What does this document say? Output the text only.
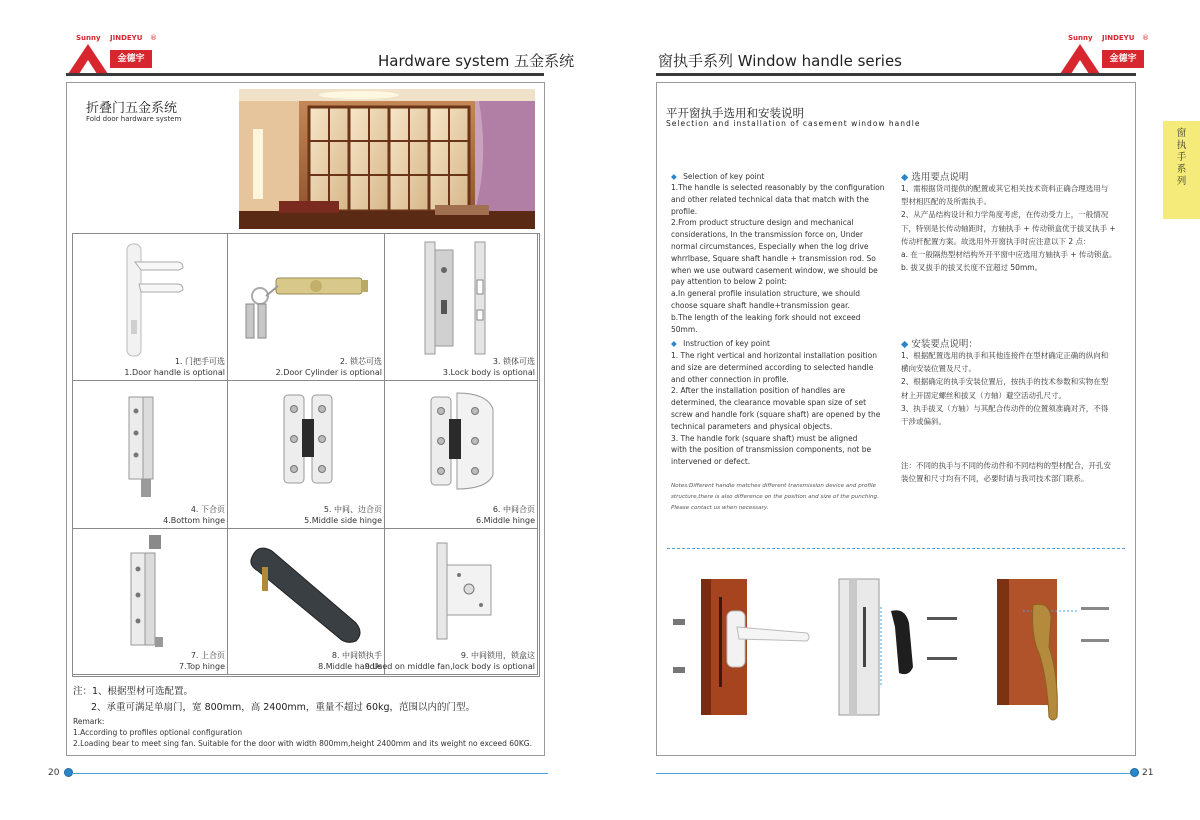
Sunny JINDEYU
金德宇
®
Hardware system 五金系统
折叠门五金系统
Fold door hardware system
1. 门把手可选
1.Door handle is optional
2. 锁芯可选
2.Door Cylinder is optional
3. 锁体可选
3.Lock body is optional
4. 下合页
4.Bottom hinge
5. 中间、边合页
5.Middle side hinge
6. 中间合页
6.Middle hinge
7. 上合页
7.Top hinge
8. 中间锁执手
8.Middle handle
9. 中间锁用，锁盒这
9.Used on middle fan,lock body is optional
注：1、根据型材可选配置。
2、承重可满足单扇门，宽 800mm，高 2400mm，重量不超过 60kg，范围以内的门型。
Remark:
1.According to profiles optional configuration
2.Loading bear to meet sing fan. Suitable for the door with width 800mm,height 2400mm and its weight no exceed 60KG.
20
窗执手系列 Window handle series
Sunny JINDEYU
金德宇
®
窗
执
手
系
列
平开窗执手选用和安装说明
Selection and installation of casement window handle
◆ Selection of key point
1.The handle is selected reasonably by the configuration
and other related technical data that match with the
profile.
2.From product structure design and mechanical
considerations, In the transmission force on, Under
normal circumstances, Especially when the log drive
whrrlbase, Square shaft handle + transmission rod. So
when we use outward casement window, we should be
pay attention to below 2 point:
a.In general profile insulation structure, we should
choose square shaft handle+transmission gear.
b.The length of the leaking fork should not exceed
50mm.
◆ Instruction of key point
1. The right vertical and horizontal installation position
and size are determined according to selected handle
and other connection in profile.
2. After the installation position of handles are
determined, the clearance movable span size of set
screw and handle fork (square shaft) are opened by the
technical parameters and physical objects.
3. The handle fork (square shaft) must be aligned
with the position of transmission components, not be
intervened or defect.
Notes:Different handle matches different transmission device and profile
structure,there is also difference on the position and size of the punching.
Please contact us when necessary.
◆ 选用要点说明
1、需根据货司提供的配置或其它相关技术资料正确合理选用与
型材相匹配的及所需执手。
2、从产品结构设计和力学角度考虑，在传动受力上，一般情况
下，特别是长传动轴距时，方轴执手 + 传动锁盒优于拔叉执手 +
传动杆配置方案。故选用外开窗执手时应注意以下 2 点：
a. 在一般隔热型材结构外开平窗中应选用方轴执手 + 传动锁盒。
b. 拔叉拔手的拔叉长度不宜超过 50mm。
◆ 安装要点说明：
1、根据配置选用的执手和其他连接件在型材确定正确的纵向和
横向安装位置及尺寸。
2、根据确定的执手安装位置后，按执手的技术参数和实物在型
材上开固定螺丝和拔叉（方轴）避空活动孔尺寸。
3、执手拔叉（方轴）与其配合传动件的位置须准确对齐，不得
干涉或偏斜。
注：不同的执手与不同的传动件和不同结构的型材配合，开孔安
装位置和尺寸均有不同，必要时请与我司技术部门联系。
21
